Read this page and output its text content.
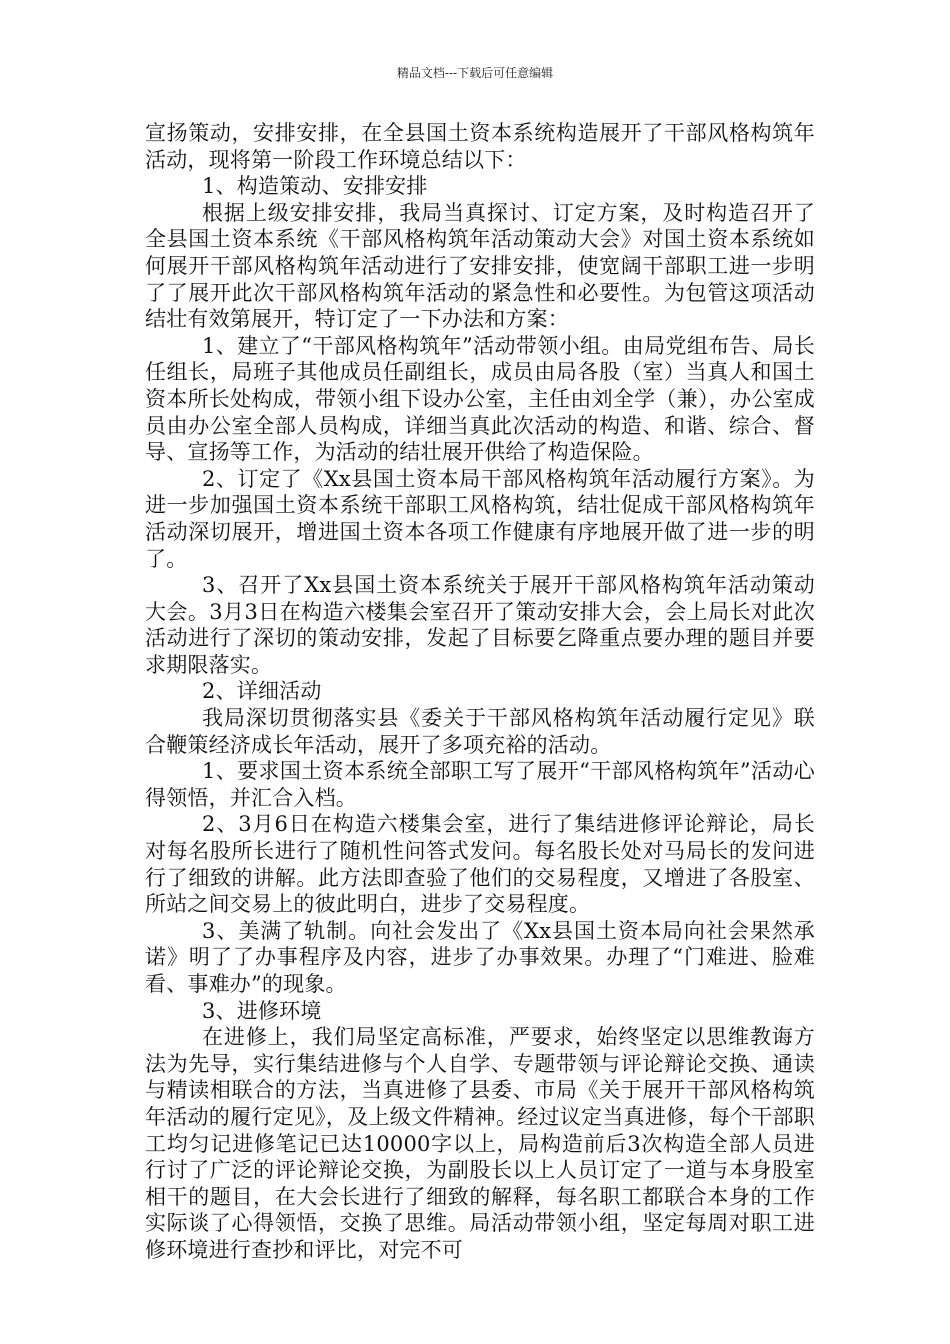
精品文档---下载后可任意编辑

宣扬策动，安排安排，在全县国土资本系统构造展开了干部风格构筑年活动，现将第一阶段工作环境总结以下：

1、构造策动、安排安排

根据上级安排安排，我局当真探讨、订定方案，及时构造召开了全县国土资本系统《干部风格构筑年活动策动大会》对国土资本系统如何展开干部风格构筑年活动进行了安排安排，使宽阔干部职工进一步明了了展开此次干部风格构筑年活动的紧急性和必要性。为包管这项活动结壮有效第展开，特订定了一下办法和方案：

1、建立了“干部风格构筑年”活动带领小组。由局党组布告、局长任组长，局班子其他成员任副组长，成员由局各股（室）当真人和国土资本所长处构成，带领小组下设办公室，主任由刘全学（兼），办公室成员由办公室全部人员构成，详细当真此次活动的构造、和谐、综合、督导、宣扬等工作，为活动的结壮展开供给了构造保险。

2、订定了《Xx县国土资本局干部风格构筑年活动履行方案》。为进一步加强国土资本系统干部职工风格构筑，结壮促成干部风格构筑年活动深切展开，增进国土资本各项工作健康有序地展开做了进一步的明了。

3、召开了Xx县国土资本系统关于展开干部风格构筑年活动策动大会。3月3日在构造六楼集会室召开了策动安排大会，会上局长对此次活动进行了深切的策动安排，发起了目标要乞降重点要办理的题目并要求期限落实。

2、详细活动

我局深切贯彻落实县《委关于干部风格构筑年活动履行定见》联合鞭策经济成长年活动，展开了多项充裕的活动。

1、要求国土资本系统全部职工写了展开“干部风格构筑年”活动心得领悟，并汇合入档。

2、3月6日在构造六楼集会室，进行了集结进修评论辩论，局长对每名股所长进行了随机性问答式发问。每名股长处对马局长的发问进行了细致的讲解。此方法即查验了他们的交易程度，又增进了各股室、所站之间交易上的彼此明白，进步了交易程度。

3、美满了轨制。向社会发出了《Xx县国土资本局向社会果然承诺》明了了办事程序及内容，进步了办事效果。办理了“门难进、脸难看、事难办”的现象。

3、进修环境

在进修上，我们局坚定高标准，严要求，始终坚定以思维教诲方法为先导，实行集结进修与个人自学、专题带领与评论辩论交换、通读与精读相联合的方法，当真进修了县委、市局《关于展开干部风格构筑年活动的履行定见》，及上级文件精神。经过议定当真进修，每个干部职工均匀记进修笔记已达10000字以上，局构造前后3次构造全部人员进行讨了广泛的评论辩论交换，为副股长以上人员订定了一道与本身股室相干的题目，在大会长进行了细致的解释，每名职工都联合本身的工作实际谈了心得领悟，交换了思维。局活动带领小组，坚定每周对职工进修环境进行查抄和评比，对完不可
